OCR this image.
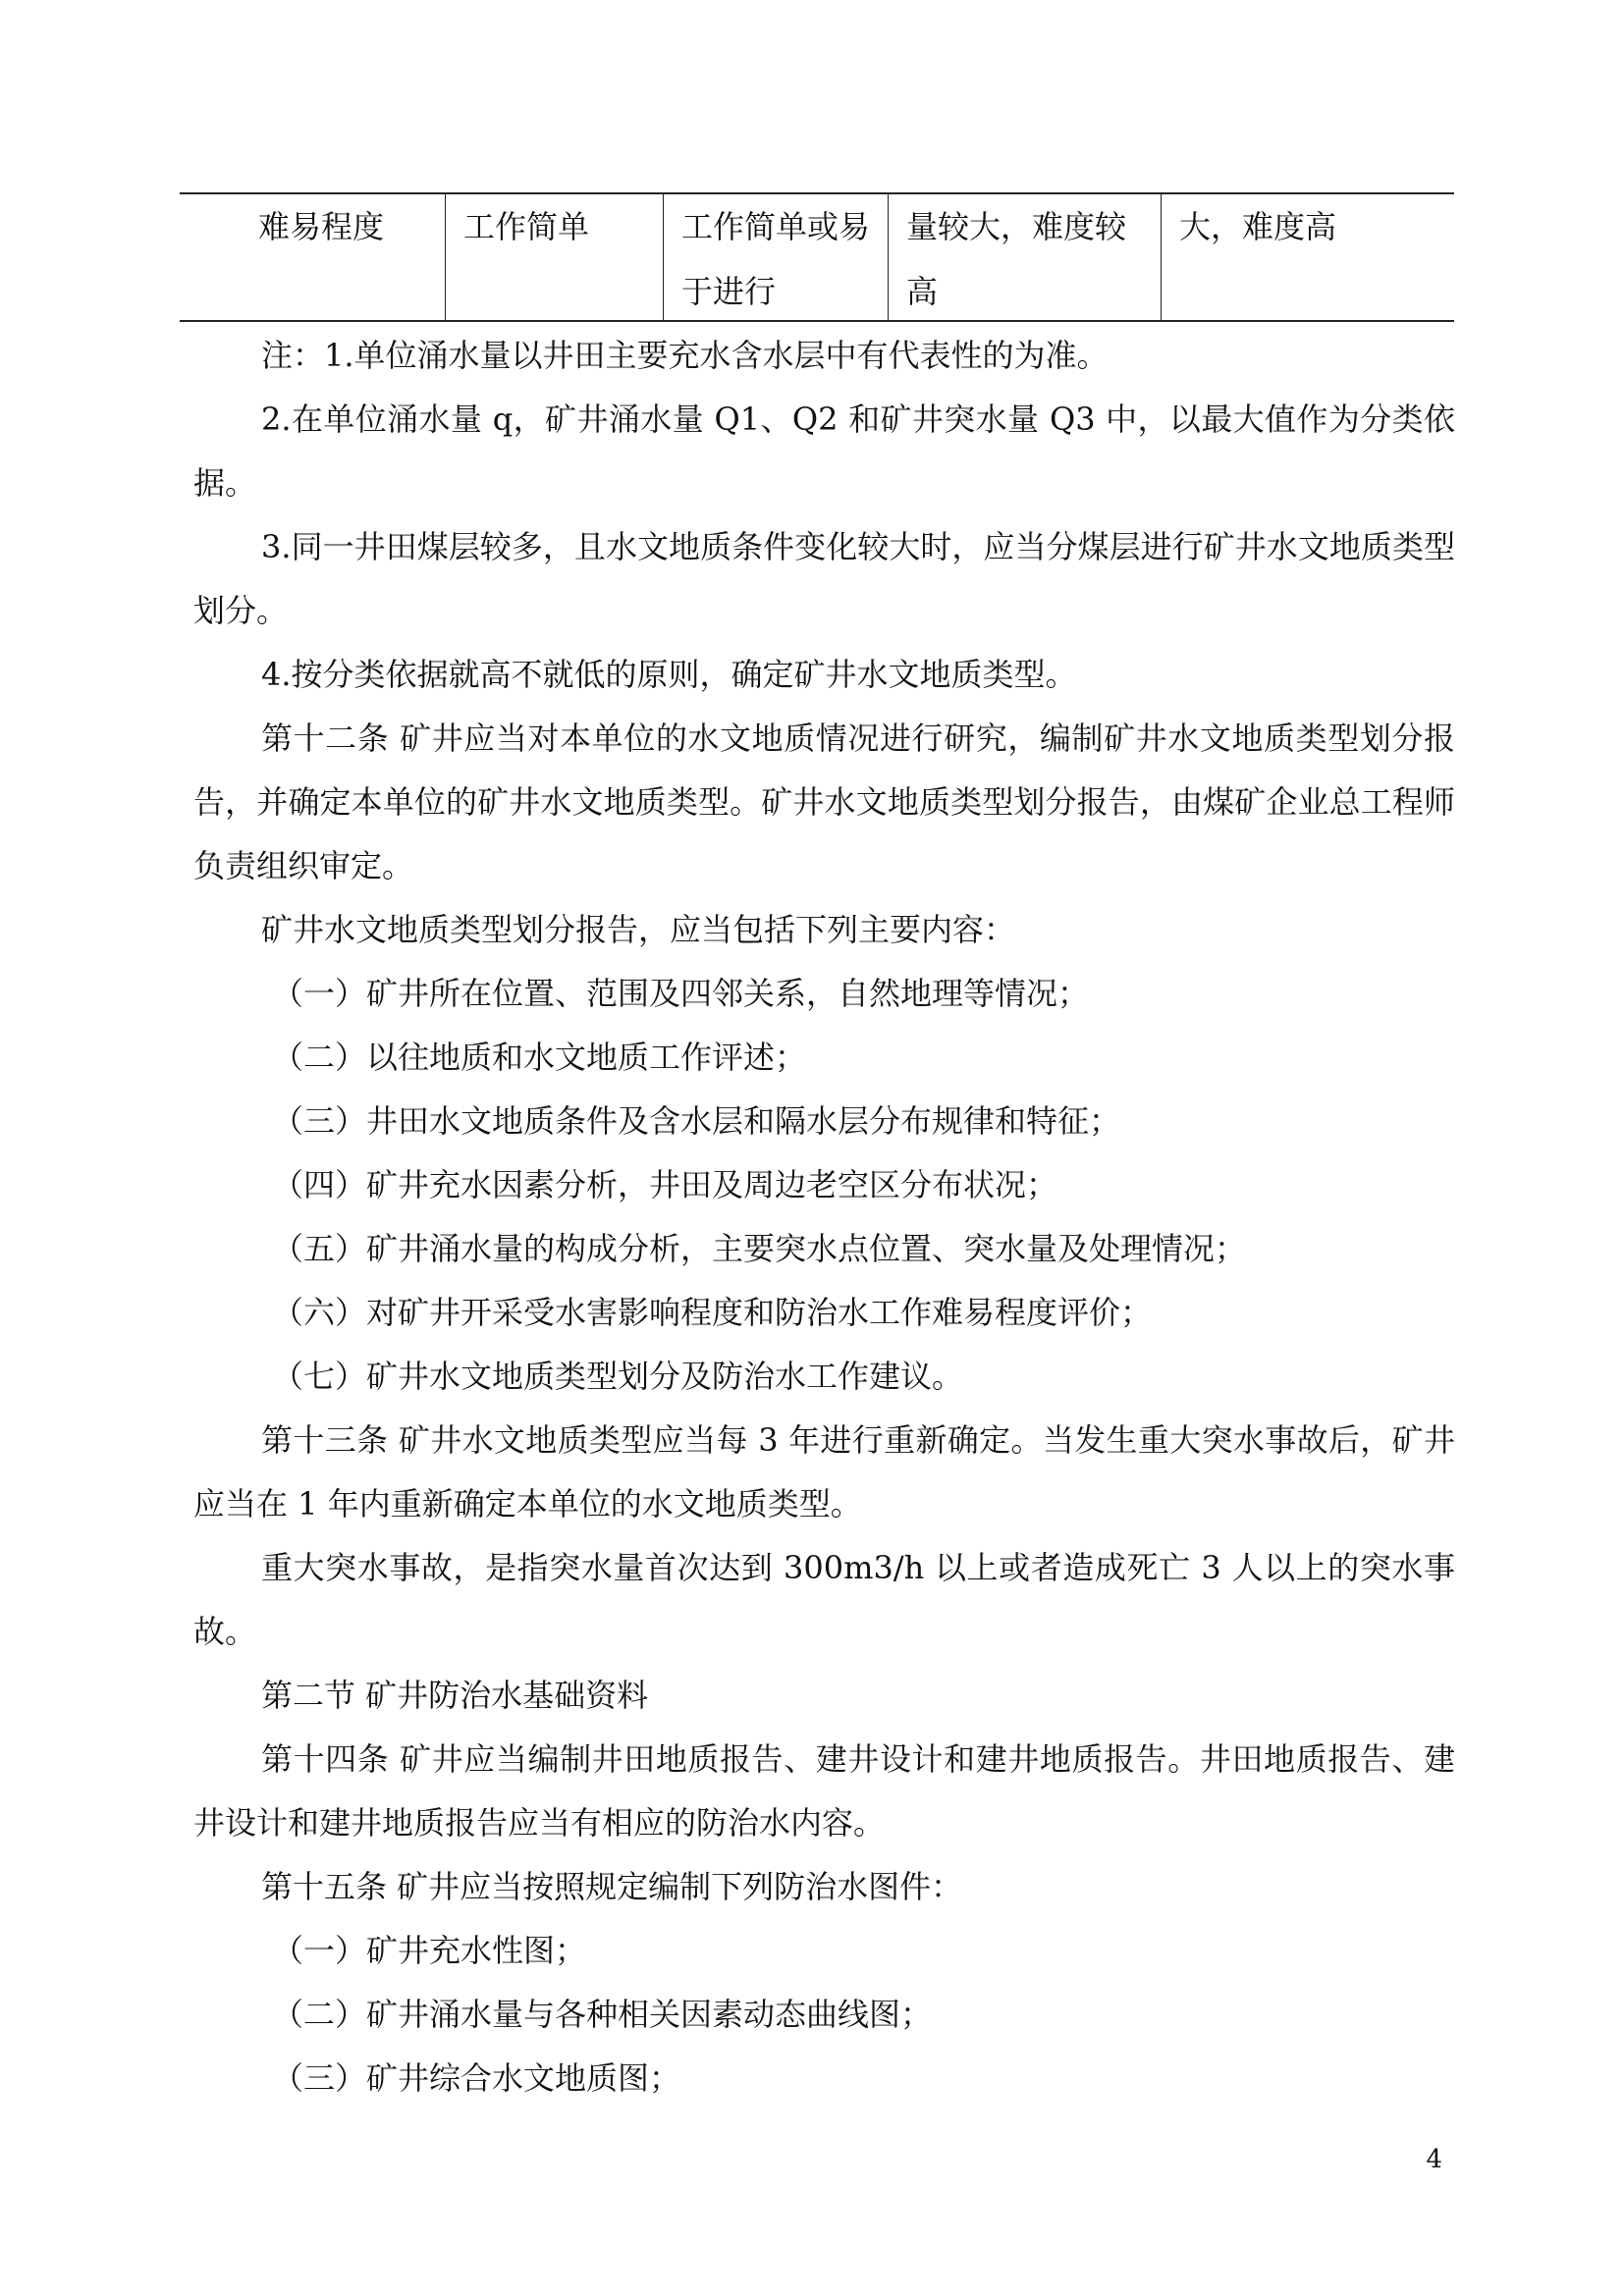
难易程度	工作简单	工作简单或易于进行
量较大，难度较高
大，难度高

注：1.单位涌水量以井田主要充水含水层中有代表性的为准。

2.在单位涌水量 q，矿井涌水量 Q1、Q2 和矿井突水量 Q3 中，以最大值作为分类依据。

3.同一井田煤层较多，且水文地质条件变化较大时，应当分煤层进行矿井水文地质类型划分。

4.按分类依据就高不就低的原则，确定矿井水文地质类型。

第十二条 矿井应当对本单位的水文地质情况进行研究，编制矿井水文地质类型划分报告，并确定本单位的矿井水文地质类型。矿井水文地质类型划分报告，由煤矿企业总工程师负责组织审定。

矿井水文地质类型划分报告，应当包括下列主要内容：

（一）矿井所在位置、范围及四邻关系，自然地理等情况；

（二）以往地质和水文地质工作评述；

（三）井田水文地质条件及含水层和隔水层分布规律和特征；

（四）矿井充水因素分析，井田及周边老空区分布状况；

（五）矿井涌水量的构成分析，主要突水点位置、突水量及处理情况；

（六）对矿井开采受水害影响程度和防治水工作难易程度评价；

（七）矿井水文地质类型划分及防治水工作建议。

第十三条 矿井水文地质类型应当每 3 年进行重新确定。当发生重大突水事故后，矿井应当在 1 年内重新确定本单位的水文地质类型。

重大突水事故，是指突水量首次达到 300m3/h 以上或者造成死亡 3 人以上的突水事故。

第二节 矿井防治水基础资料

第十四条 矿井应当编制井田地质报告、建井设计和建井地质报告。井田地质报告、建井设计和建井地质报告应当有相应的防治水内容。

第十五条 矿井应当按照规定编制下列防治水图件：

（一）矿井充水性图；

（二）矿井涌水量与各种相关因素动态曲线图；

（三）矿井综合水文地质图；

4
